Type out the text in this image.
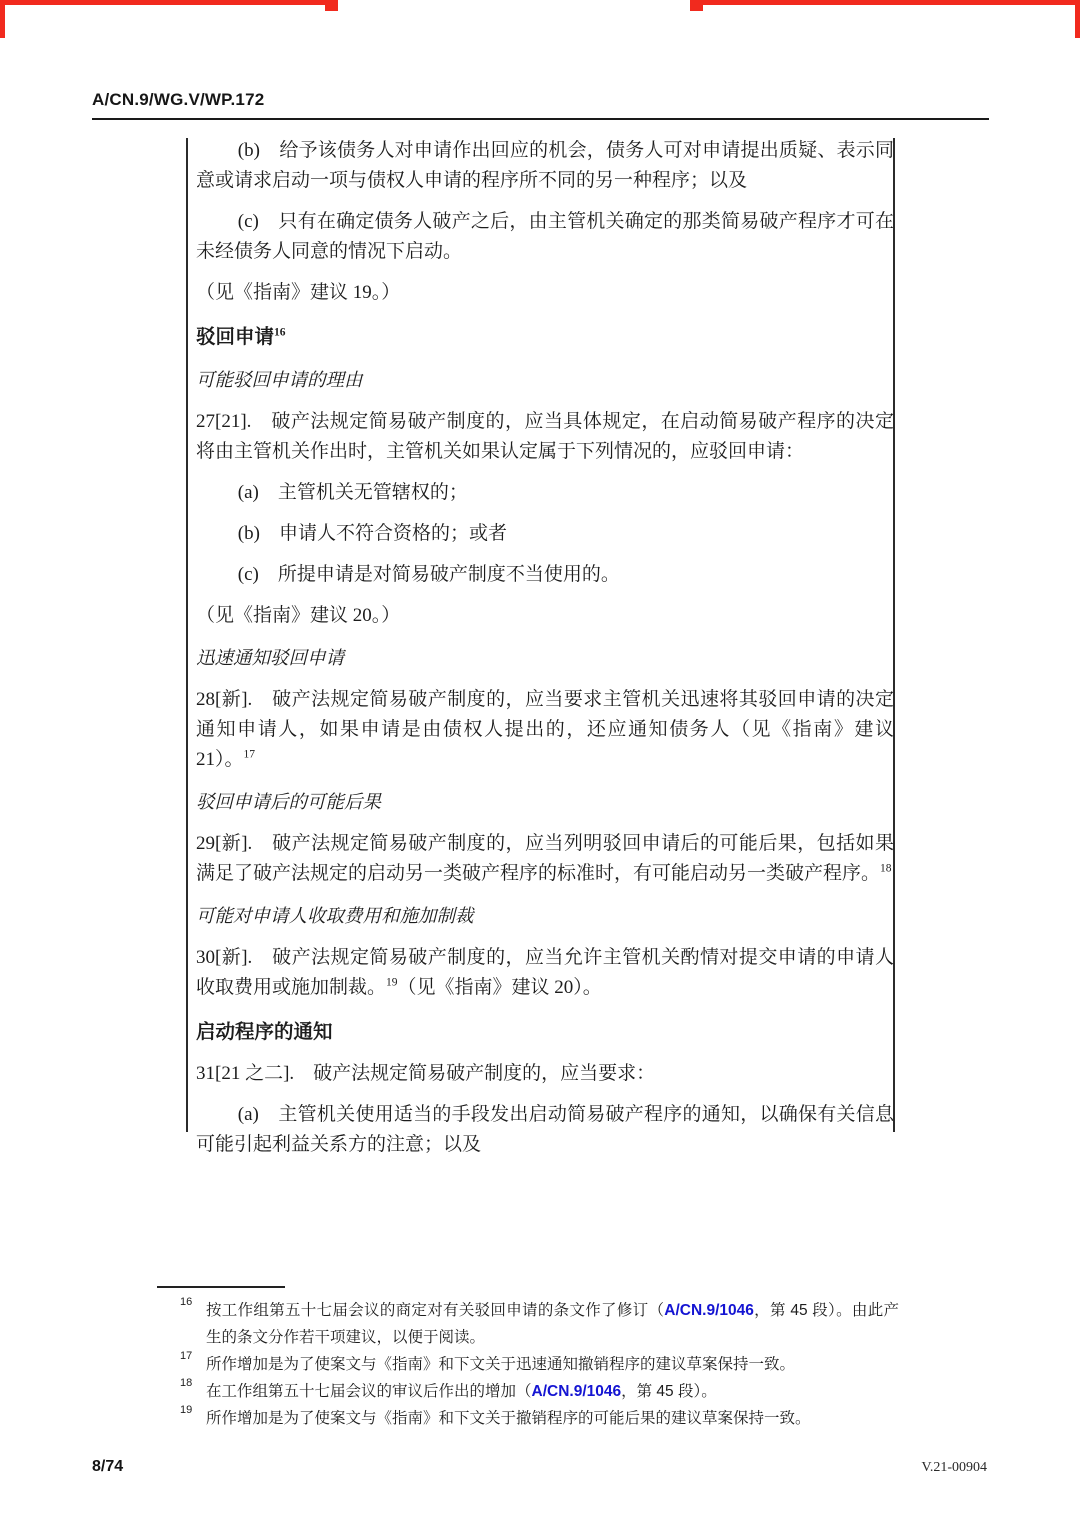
A/CN.9/WG.V/WP.172

(b)　给予该债务人对申请作出回应的机会，债务人可对申请提出质疑、表示同意或请求启动一项与债权人申请的程序所不同的另一种程序；以及

(c)　只有在确定债务人破产之后，由主管机关确定的那类简易破产程序才可在未经债务人同意的情况下启动。

（见《指南》建议 19。）

驳回申请$^{16}$

可能驳回申请的理由

27[21].　破产法规定简易破产制度的，应当具体规定，在启动简易破产程序的决定将由主管机关作出时，主管机关如果认定属于下列情况的，应驳回申请：

(a)　主管机关无管辖权的；

(b)　申请人不符合资格的；或者

(c)　所提申请是对简易破产制度不当使用的。

（见《指南》建议 20。）

迅速通知驳回申请

28[新].　破产法规定简易破产制度的，应当要求主管机关迅速将其驳回申请的决定通知申请人，如果申请是由债权人提出的，还应通知债务人（见《指南》建议 21）。$^{17}$

驳回申请后的可能后果

29[新].　破产法规定简易破产制度的，应当列明驳回申请后的可能后果，包括如果满足了破产法规定的启动另一类破产程序的标准时，有可能启动另一类破产程序。$^{18}$

可能对申请人收取费用和施加制裁

30[新].　破产法规定简易破产制度的，应当允许主管机关酌情对提交申请的申请人收取费用或施加制裁。$^{19}$（见《指南》建议 20）。

启动程序的通知

31[21 之二].　破产法规定简易破产制度的，应当要求：

(a)　主管机关使用适当的手段发出启动简易破产程序的通知，以确保有关信息可能引起利益关系方的注意；以及

16 按工作组第五十七届会议的商定对有关驳回申请的条文作了修订（A/CN.9/1046，第 45 段）。由此产生的条文分作若干项建议，以便于阅读。
17 所作增加是为了使案文与《指南》和下文关于迅速通知撤销程序的建议草案保持一致。
18 在工作组第五十七届会议的审议后作出的增加（A/CN.9/1046，第 45 段）。
19 所作增加是为了使案文与《指南》和下文关于撤销程序的可能后果的建议草案保持一致。
8/74	V.21-00904
